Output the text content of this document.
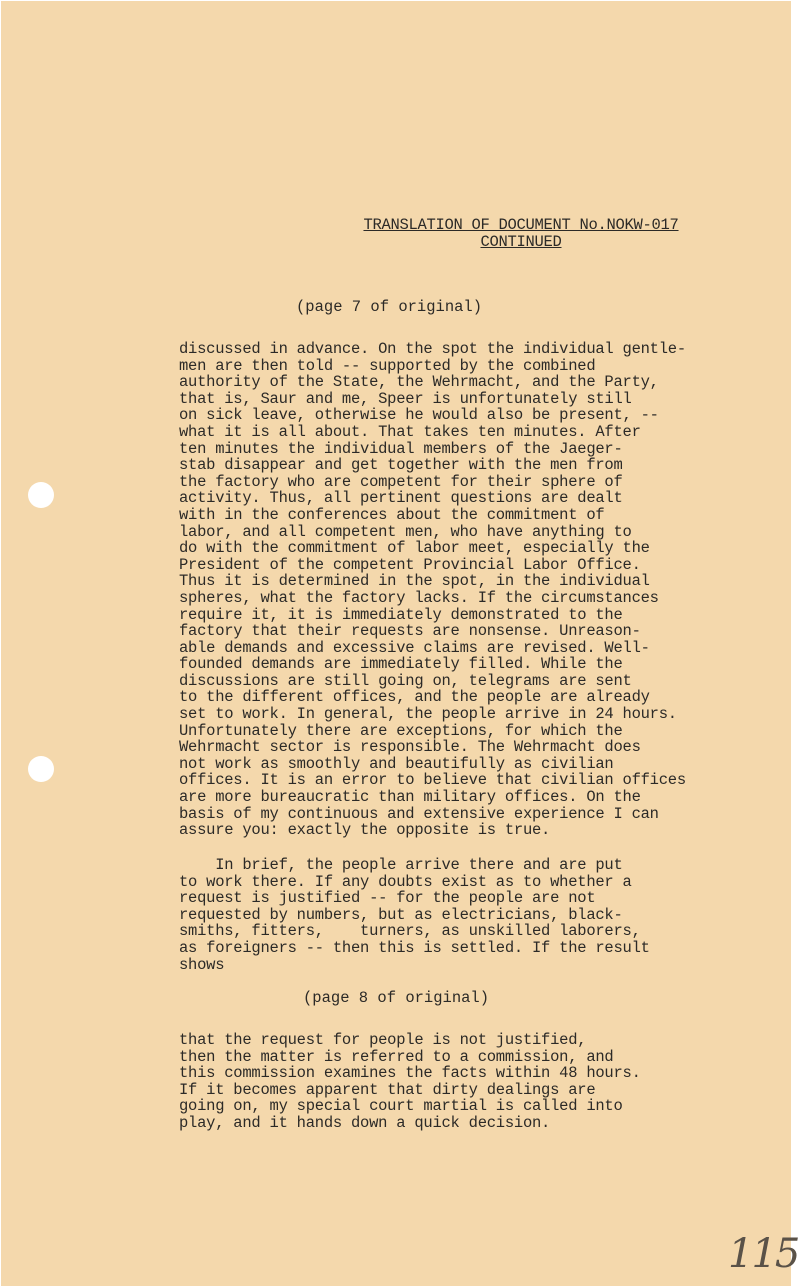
TRANSLATION OF DOCUMENT No.NOKW-017
CONTINUED
(page 7 of original)
discussed in advance. On the spot the individual gentle-
men are then told -- supported by the combined
authority of the State, the Wehrmacht, and the Party,
that is, Saur and me, Speer is unfortunately still
on sick leave, otherwise he would also be present, --
what it is all about. That takes ten minutes. After
ten minutes the individual members of the Jaeger-
stab disappear and get together with the men from
the factory who are competent for their sphere of
activity. Thus, all pertinent questions are dealt
with in the conferences about the commitment of
labor, and all competent men, who have anything to
do with the commitment of labor meet, especially the
President of the competent Provincial Labor Office.
Thus it is determined in the spot, in the individual
spheres, what the factory lacks. If the circumstances
require it, it is immediately demonstrated to the
factory that their requests are nonsense. Unreason-
able demands and excessive claims are revised. Well-
founded demands are immediately filled. While the
discussions are still going on, telegrams are sent
to the different offices, and the people are already
set to work. In general, the people arrive in 24 hours.
Unfortunately there are exceptions, for which the
Wehrmacht sector is responsible. The Wehrmacht does
not work as smoothly and beautifully as civilian
offices. It is an error to believe that civilian offices
are more bureaucratic than military offices. On the
basis of my continuous and extensive experience I can
assure you: exactly the opposite is true.
In brief, the people arrive there and are put
to work there. If any doubts exist as to whether a
request is justified -- for the people are not
requested by numbers, but as electricians, black-
smiths, fitters,    turners, as unskilled laborers,
as foreigners -- then this is settled. If the result
shows
(page 8 of original)
that the request for people is not justified,
then the matter is referred to a commission, and
this commission examines the facts within 48 hours.
If it becomes apparent that dirty dealings are
going on, my special court martial is called into
play, and it hands down a quick decision.
115
